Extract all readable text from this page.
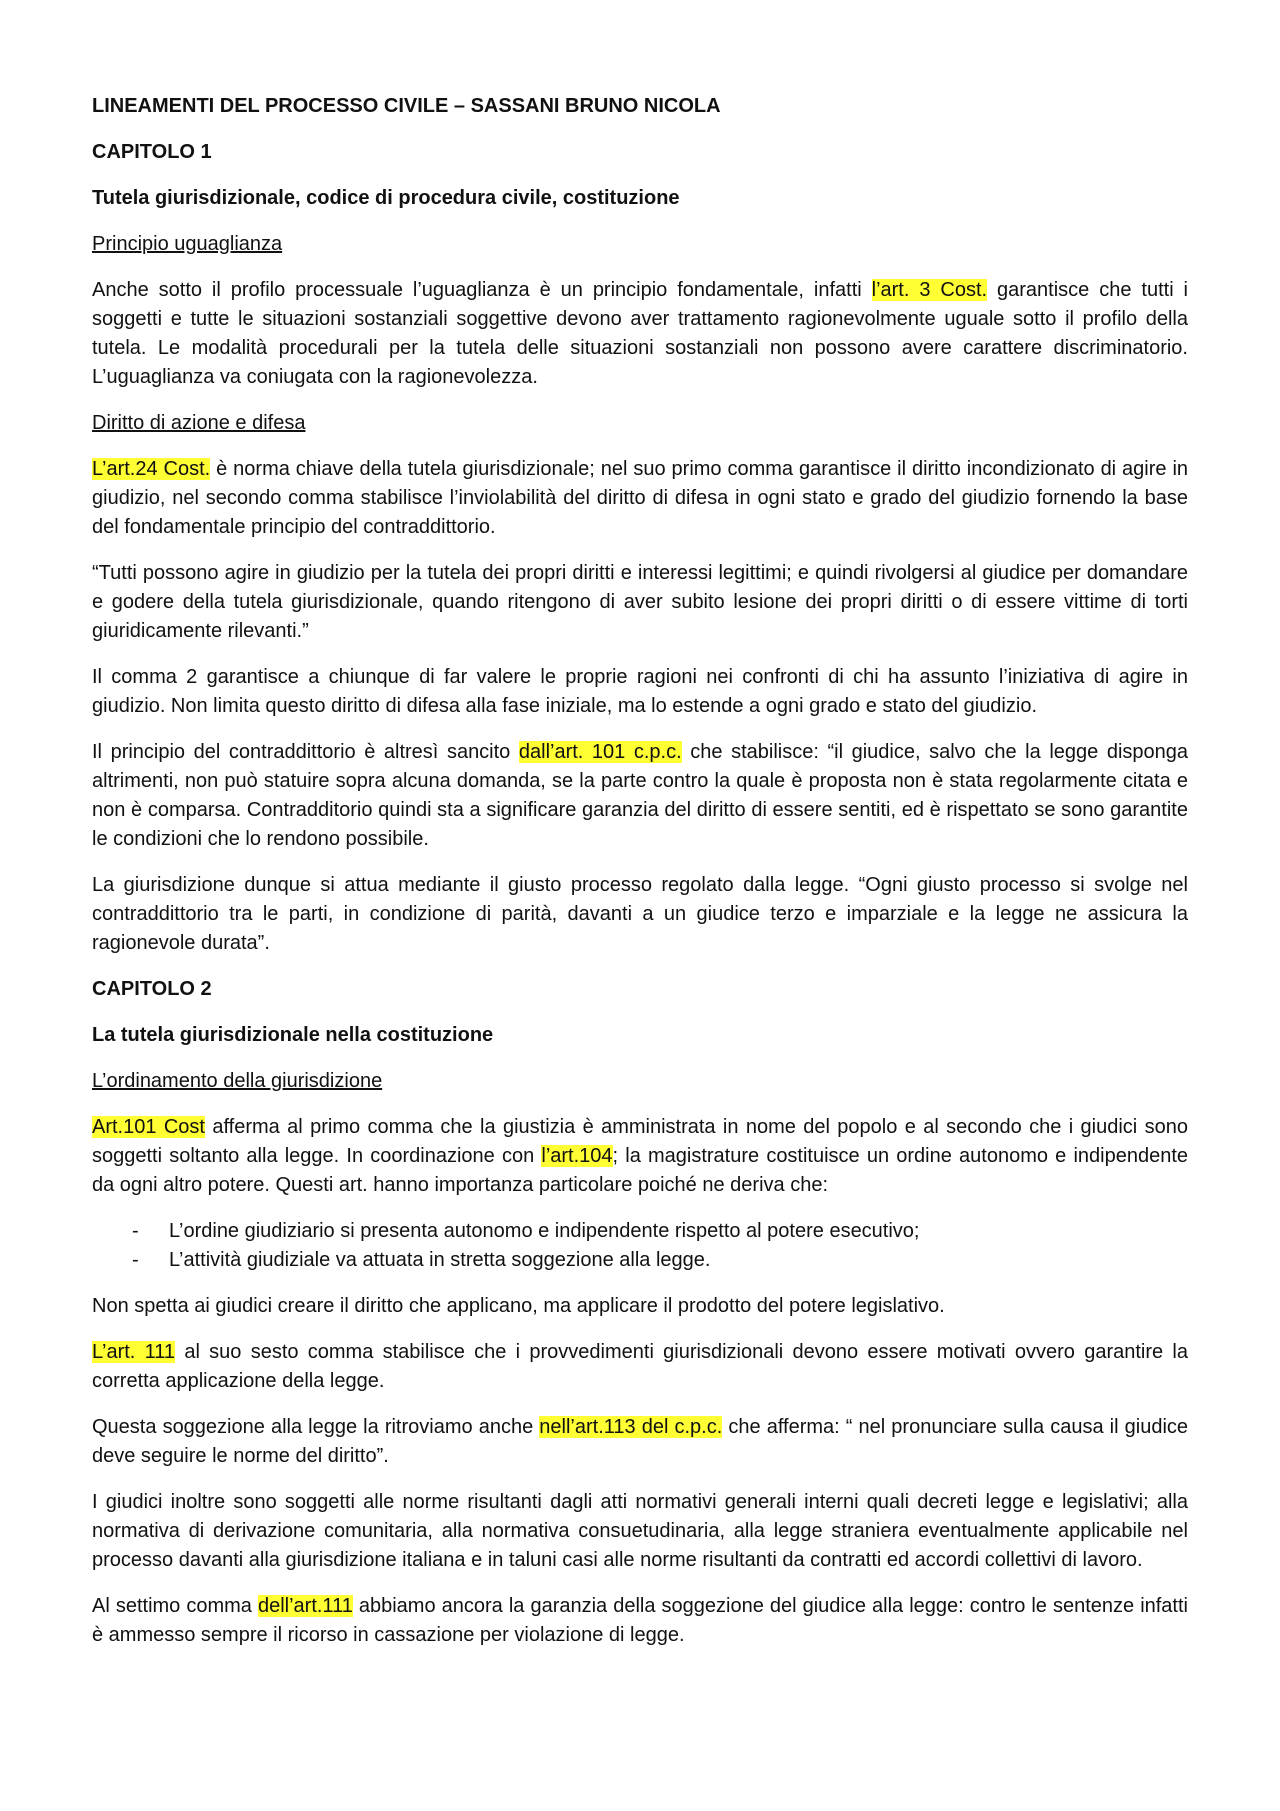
LINEAMENTI DEL PROCESSO CIVILE – SASSANI BRUNO NICOLA

CAPITOLO 1

Tutela giurisdizionale, codice di procedura civile, costituzione

Principio uguaglianza

Anche sotto il profilo processuale l’uguaglianza è un principio fondamentale, infatti l’art. 3 Cost. garantisce che tutti i soggetti e tutte le situazioni sostanziali soggettive devono aver trattamento ragionevolmente uguale sotto il profilo della tutela. Le modalità procedurali per la tutela delle situazioni sostanziali non possono avere carattere discriminatorio. L’uguaglianza va coniugata con la ragionevolezza.

Diritto di azione e difesa

L’art.24 Cost. è norma chiave della tutela giurisdizionale; nel suo primo comma garantisce il diritto incondizionato di agire in giudizio, nel secondo comma stabilisce l’inviolabilità del diritto di difesa in ogni stato e grado del giudizio fornendo la base del fondamentale principio del contraddittorio.

“Tutti possono agire in giudizio per la tutela dei propri diritti e interessi legittimi; e quindi rivolgersi al giudice per domandare e godere della tutela giurisdizionale, quando ritengono di aver subito lesione dei propri diritti o di essere vittime di torti giuridicamente rilevanti.”

Il comma 2 garantisce a chiunque di far valere le proprie ragioni nei confronti di chi ha assunto l’iniziativa di agire in giudizio. Non limita questo diritto di difesa alla fase iniziale, ma lo estende a ogni grado e stato del giudizio.

Il principio del contraddittorio è altresì sancito dall’art. 101 c.p.c. che stabilisce: “il giudice, salvo che la legge disponga altrimenti, non può statuire sopra alcuna domanda, se la parte contro la quale è proposta non è stata regolarmente citata e non è comparsa. Contradditorio quindi sta a significare garanzia del diritto di essere sentiti, ed è rispettato se sono garantite le condizioni che lo rendono possibile.

La giurisdizione dunque si attua mediante il giusto processo regolato dalla legge. “Ogni giusto processo si svolge nel contraddittorio tra le parti, in condizione di parità, davanti a un giudice terzo e imparziale e la legge ne assicura la ragionevole durata”.

CAPITOLO 2

La tutela giurisdizionale nella costituzione

L’ordinamento della giurisdizione

Art.101 Cost afferma al primo comma che la giustizia è amministrata in nome del popolo e al secondo che i giudici sono soggetti soltanto alla legge. In coordinazione con l’art.104; la magistrature costituisce un ordine autonomo e indipendente da ogni altro potere. Questi art. hanno importanza particolare poiché ne deriva che:

- L’ordine giudiziario si presenta autonomo e indipendente rispetto al potere esecutivo;
- L’attività giudiziale va attuata in stretta soggezione alla legge.

Non spetta ai giudici creare il diritto che applicano, ma applicare il prodotto del potere legislativo.

L’art. 111 al suo sesto comma stabilisce che i provvedimenti giurisdizionali devono essere motivati ovvero garantire la corretta applicazione della legge.

Questa soggezione alla legge la ritroviamo anche nell’art.113 del c.p.c. che afferma: “ nel pronunciare sulla causa il giudice deve seguire le norme del diritto”.

I giudici inoltre sono soggetti alle norme risultanti dagli atti normativi generali interni quali decreti legge e legislativi; alla normativa di derivazione comunitaria, alla normativa consuetudinaria, alla legge straniera eventualmente applicabile nel processo davanti alla giurisdizione italiana e in taluni casi alle norme risultanti da contratti ed accordi collettivi di lavoro.

Al settimo comma dell’art.111 abbiamo ancora la garanzia della soggezione del giudice alla legge: contro le sentenze infatti è ammesso sempre il ricorso in cassazione per violazione di legge.
